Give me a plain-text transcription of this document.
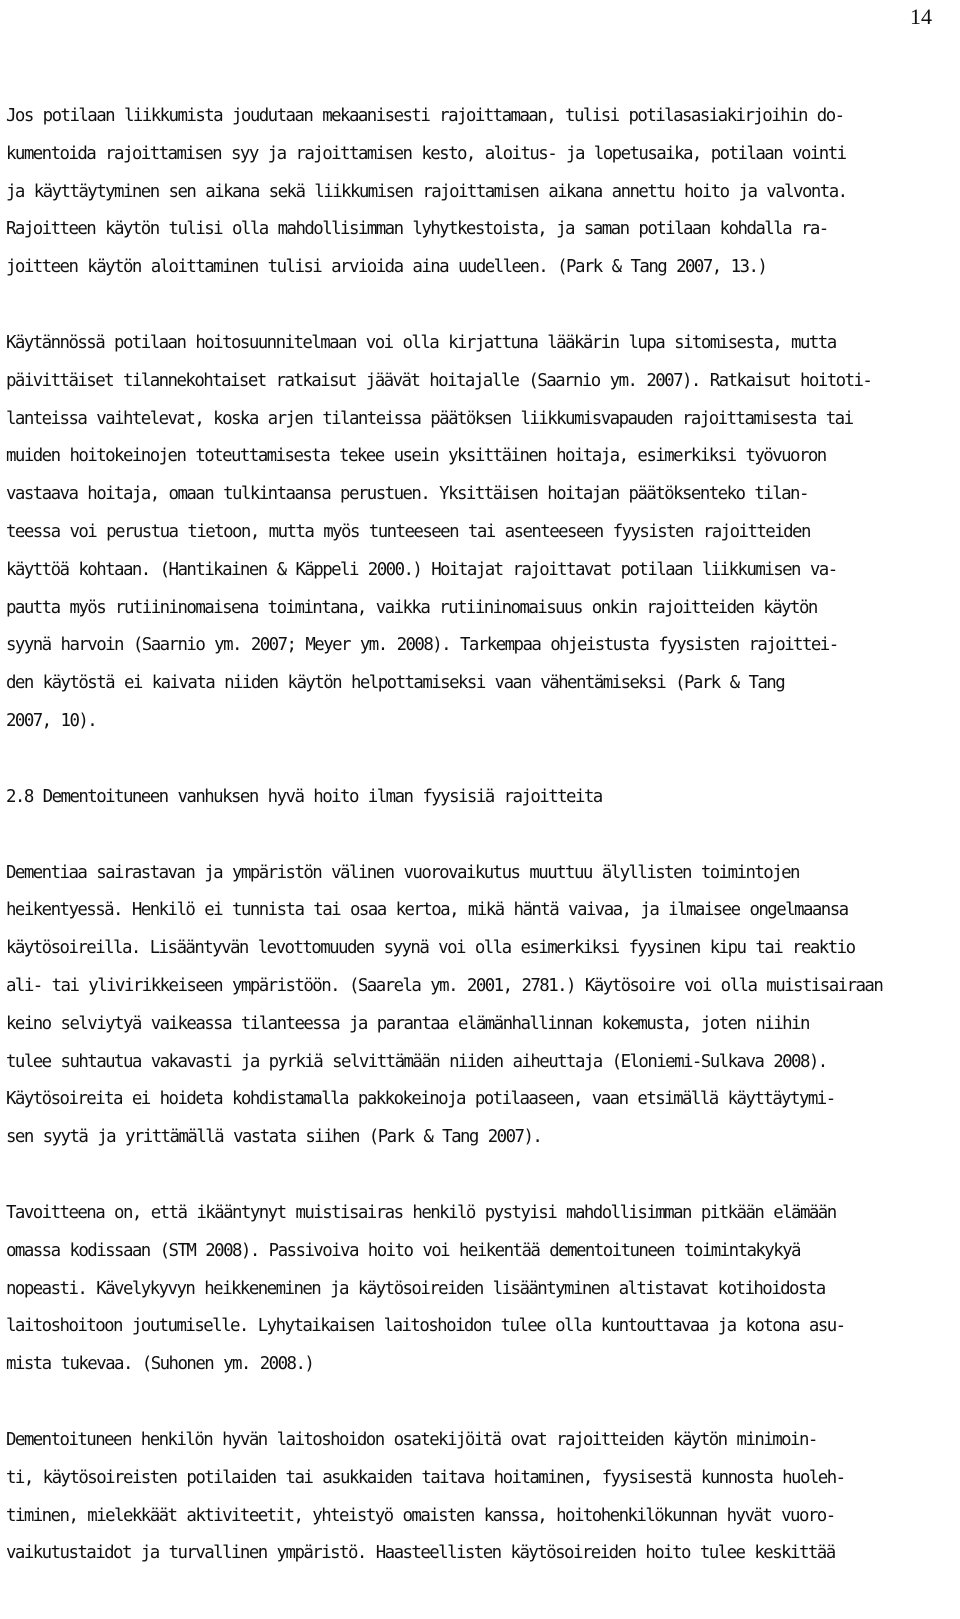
14

Jos potilaan liikkumista joudutaan mekaanisesti rajoittamaan, tulisi potilasasiakirjoihin do-
kumentoida rajoittamisen syy ja rajoittamisen kesto, aloitus- ja lopetusaika, potilaan vointi
ja käyttäytyminen sen aikana sekä liikkumisen rajoittamisen aikana annettu hoito ja valvonta.
Rajoitteen käytön tulisi olla mahdollisimman lyhytkestoista, ja saman potilaan kohdalla ra-
joitteen käytön aloittaminen tulisi arvioida aina uudelleen. (Park & Tang 2007, 13.)

Käytännössä potilaan hoitosuunnitelmaan voi olla kirjattuna lääkärin lupa sitomisesta, mutta
päivittäiset tilannekohtaiset ratkaisut jäävät hoitajalle (Saarnio ym. 2007). Ratkaisut hoitoti-
lanteissa vaihtelevat, koska arjen tilanteissa päätöksen liikkumisvapauden rajoittamisesta tai
muiden hoitokeinojen toteuttamisesta tekee usein yksittäinen hoitaja, esimerkiksi työvuoron
vastaava hoitaja, omaan tulkintaansa perustuen. Yksittäisen hoitajan päätöksenteko tilan-
teessa voi perustua tietoon, mutta myös tunteeseen tai asenteeseen fyysisten rajoitteiden
käyttöä kohtaan. (Hantikainen & Käppeli 2000.) Hoitajat rajoittavat potilaan liikkumisen va-
pautta myös rutiininomaisena toimintana, vaikka rutiininomaisuus onkin rajoitteiden käytön
syynä harvoin (Saarnio ym. 2007; Meyer ym. 2008). Tarkempaa ohjeistusta fyysisten rajoittei-
den käytöstä ei kaivata niiden käytön helpottamiseksi vaan vähentämiseksi (Park & Tang
2007, 10).

2.8 Dementoituneen vanhuksen hyvä hoito ilman fyysisiä rajoitteita

Dementiaa sairastavan ja ympäristön välinen vuorovaikutus muuttuu älyllisten toimintojen
heikentyessä. Henkilö ei tunnista tai osaa kertoa, mikä häntä vaivaa, ja ilmaisee ongelmaansa
käytösoireilla. Lisääntyvän levottomuuden syynä voi olla esimerkiksi fyysinen kipu tai reaktio
ali- tai ylivirikkeiseen ympäristöön. (Saarela ym. 2001, 2781.) Käytösoire voi olla muistisairaan
keino selviytyä vaikeassa tilanteessa ja parantaa elämänhallinnan kokemusta, joten niihin
tulee suhtautua vakavasti ja pyrkiä selvittämään niiden aiheuttaja (Eloniemi-Sulkava 2008).
Käytösoireita ei hoideta kohdistamalla pakkokeinoja potilaaseen, vaan etsimällä käyttäytymi-
sen syytä ja yrittämällä vastata siihen (Park & Tang 2007).

Tavoitteena on, että ikääntynyt muistisairas henkilö pystyisi mahdollisimman pitkään elämään
omassa kodissaan (STM 2008). Passivoiva hoito voi heikentää dementoituneen toimintakykyä
nopeasti. Kävelykyvyn heikkeneminen ja käytösoireiden lisääntyminen altistavat kotihoidosta
laitoshoitoon joutumiselle. Lyhytaikaisen laitoshoidon tulee olla kuntouttavaa ja kotona asu-
mista tukevaa. (Suhonen ym. 2008.)

Dementoituneen henkilön hyvän laitoshoidon osatekijöitä ovat rajoitteiden käytön minimoin-
ti, käytösoireisten potilaiden tai asukkaiden taitava hoitaminen, fyysisestä kunnosta huoleh-
timinen, mielekkäät aktiviteetit, yhteistyö omaisten kanssa, hoitohenkilökunnan hyvät vuoro-
vaikutustaidot ja turvallinen ympäristö. Haasteellisten käytösoireiden hoito tulee keskittää
